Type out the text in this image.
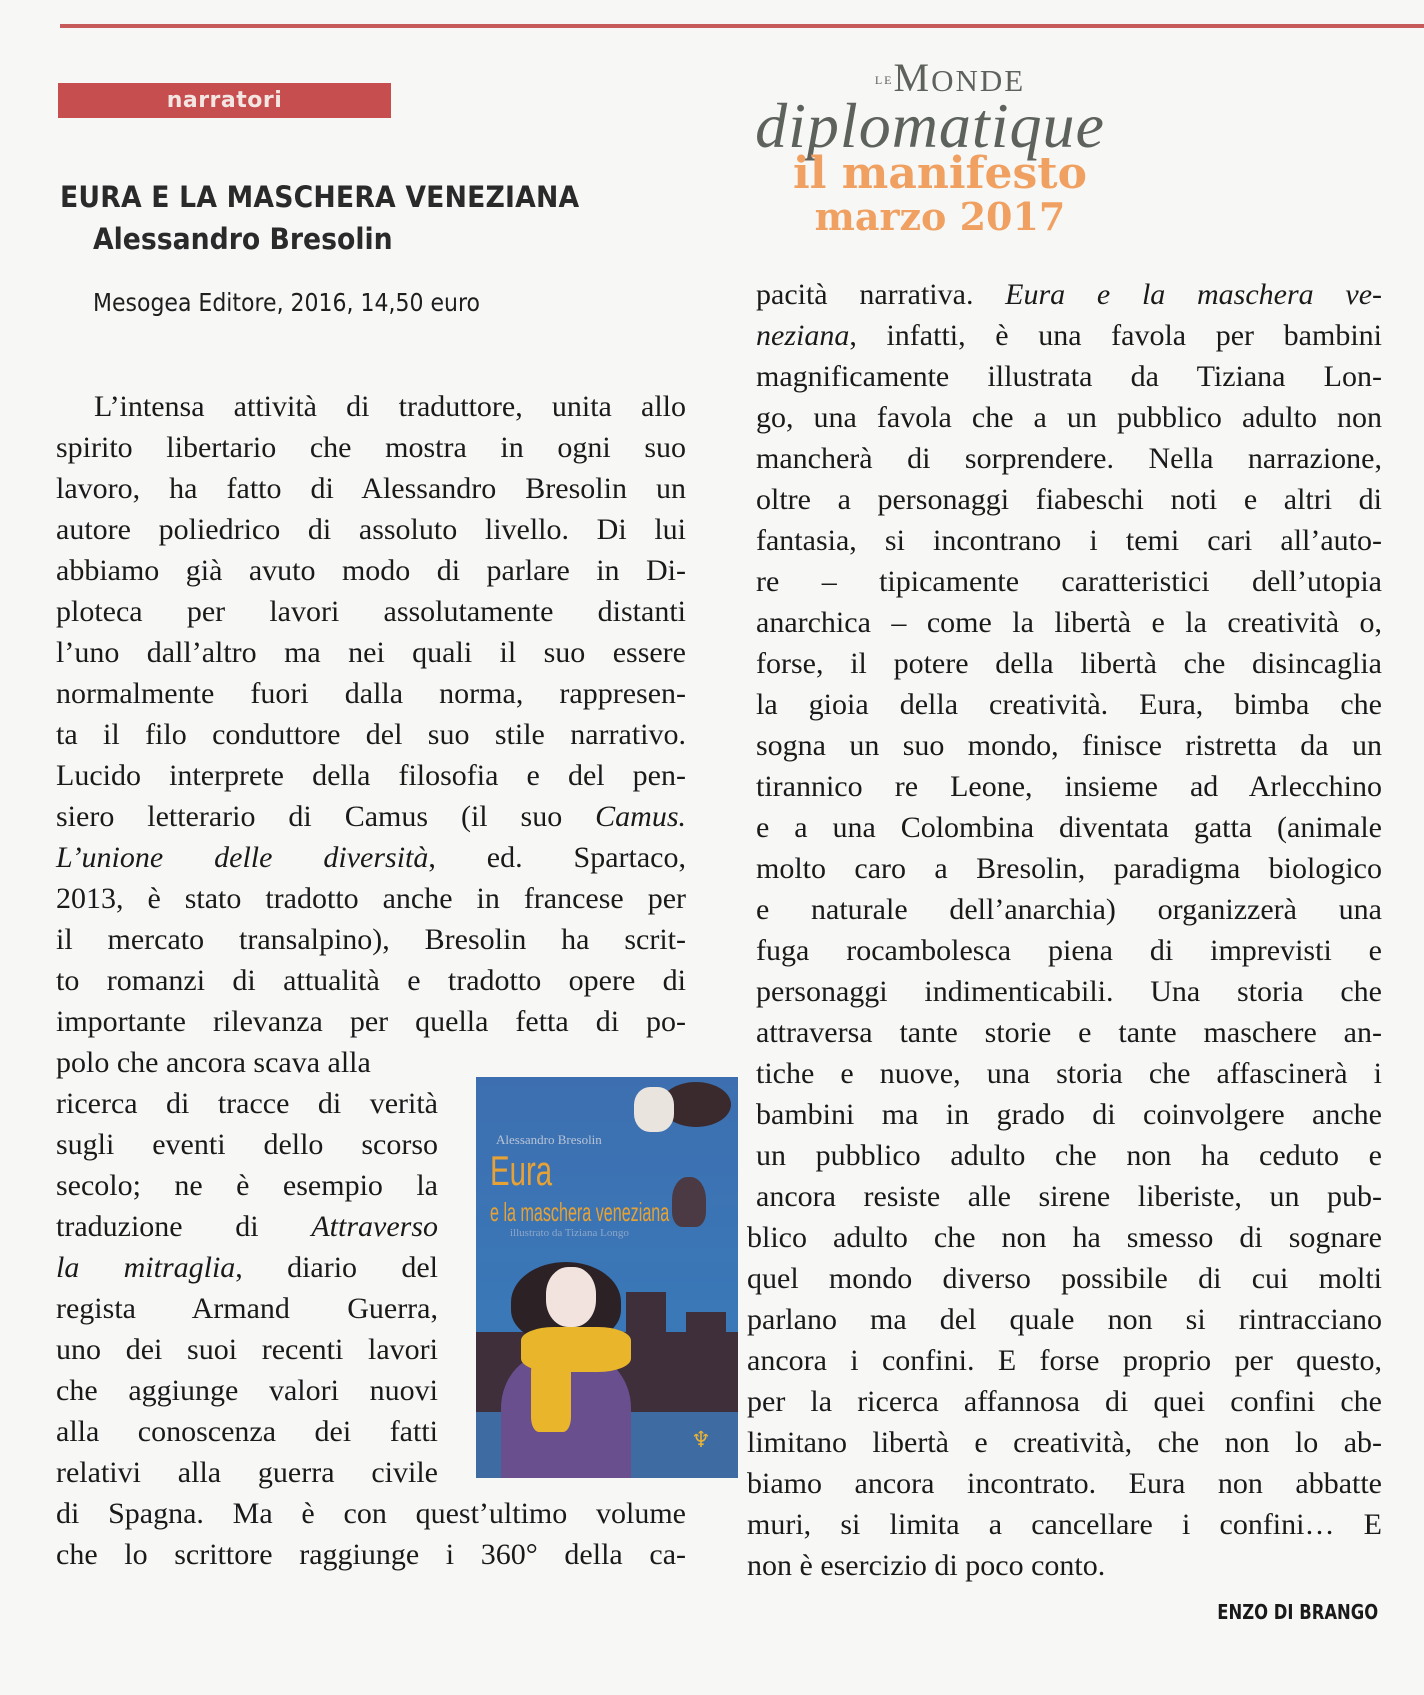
narratori
$^{LE}$MONDE
diplomatique
il manifesto
marzo 2017
EURA E LA MASCHERA VENEZIANA
Alessandro Bresolin
Mesogea Editore, 2016, 14,50 euro
L’intensa attività di traduttore, unita allo
spirito libertario che mostra in ogni suo
lavoro, ha fatto di Alessandro Bresolin un
autore poliedrico di assoluto livello. Di lui
abbiamo già avuto modo di parlare in Di-
ploteca per lavori assolutamente distanti
l’uno dall’altro ma nei quali il suo essere
normalmente fuori dalla norma, rappresen-
ta il filo conduttore del suo stile narrativo.
Lucido interprete della filosofia e del pen-
siero letterario di Camus (il suo Camus.
L’unione delle diversità, ed. Spartaco,
2013, è stato tradotto anche in francese per
il mercato transalpino), Bresolin ha scrit-
to romanzi di attualità e tradotto opere di
importante rilevanza per quella fetta di po-
polo che ancora scava alla
ricerca di tracce di verità
sugli eventi dello scorso
secolo; ne è esempio la
traduzione di Attraverso
la mitraglia, diario del
regista Armand Guerra,
uno dei suoi recenti lavori
che aggiunge valori nuovi
alla conoscenza dei fatti
relativi alla guerra civile
di Spagna. Ma è con quest’ultimo volume
che lo scrittore raggiunge i 360° della ca-
Alessandro Bresolin
Eura
e la maschera veneziana
illustrato da Tiziana Longo
♆
pacità narrativa. Eura e la maschera ve-
neziana, infatti, è una favola per bambini
magnificamente illustrata da Tiziana Lon-
go, una favola che a un pubblico adulto non
mancherà di sorprendere. Nella narrazione,
oltre a personaggi fiabeschi noti e altri di
fantasia, si incontrano i temi cari all’auto-
re – tipicamente caratteristici dell’utopia
anarchica – come la libertà e la creatività o,
forse, il potere della libertà che disincaglia
la gioia della creatività. Eura, bimba che
sogna un suo mondo, finisce ristretta da un
tirannico re Leone, insieme ad Arlecchino
e a una Colombina diventata gatta (animale
molto caro a Bresolin, paradigma biologico
e naturale dell’anarchia) organizzerà una
fuga rocambolesca piena di imprevisti e
personaggi indimenticabili. Una storia che
attraversa tante storie e tante maschere an-
tiche e nuove, una storia che affascinerà i
bambini ma in grado di coinvolgere anche
un pubblico adulto che non ha ceduto e
ancora resiste alle sirene liberiste, un pub-
blico adulto che non ha smesso di sognare
quel mondo diverso possibile di cui molti
parlano ma del quale non si rintracciano
ancora i confini. E forse proprio per questo,
per la ricerca affannosa di quei confini che
limitano libertà e creatività, che non lo ab-
biamo ancora incontrato. Eura non abbatte
muri, si limita a cancellare i confini… E
non è esercizio di poco conto.
ENZO DI BRANGO
